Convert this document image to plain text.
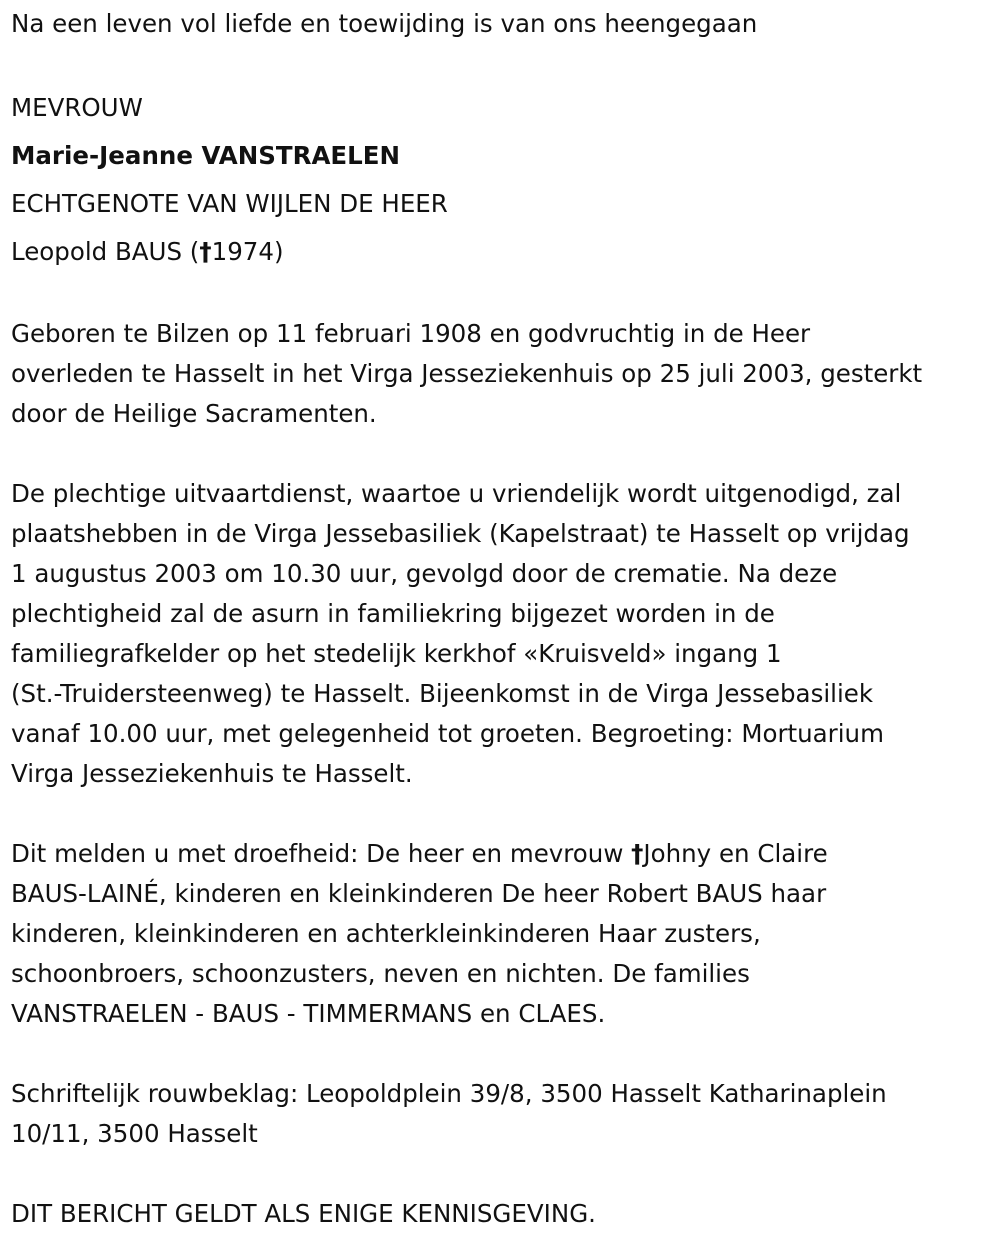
Na een leven vol liefde en toewijding is van ons heengegaan

MEVROUW

Marie-Jeanne VANSTRAELEN

ECHTGENOTE VAN WIJLEN DE HEER

Leopold BAUS (†1974)

Geboren te Bilzen op 11 februari 1908 en godvruchtig in de Heer
overleden te Hasselt in het Virga Jesseziekenhuis op 25 juli 2003, gesterkt
door de Heilige Sacramenten.

De plechtige uitvaartdienst, waartoe u vriendelijk wordt uitgenodigd, zal
plaatshebben in de Virga Jessebasiliek (Kapelstraat) te Hasselt op vrijdag
1 augustus 2003 om 10.30 uur, gevolgd door de crematie. Na deze
plechtigheid zal de asurn in familiekring bijgezet worden in de
familiegrafkelder op het stedelijk kerkhof «Kruisveld» ingang 1
(St.-Truidersteenweg) te Hasselt. Bijeenkomst in de Virga Jessebasiliek
vanaf 10.00 uur, met gelegenheid tot groeten. Begroeting: Mortuarium
Virga Jesseziekenhuis te Hasselt.

Dit melden u met droefheid: De heer en mevrouw †Johny en Claire
BAUS-LAINÉ, kinderen en kleinkinderen De heer Robert BAUS haar
kinderen, kleinkinderen en achterkleinkinderen Haar zusters,
schoonbroers, schoonzusters, neven en nichten. De families
VANSTRAELEN - BAUS - TIMMERMANS en CLAES.

Schriftelijk rouwbeklag: Leopoldplein 39/8, 3500 Hasselt Katharinaplein
10/11, 3500 Hasselt

DIT BERICHT GELDT ALS ENIGE KENNISGEVING.
